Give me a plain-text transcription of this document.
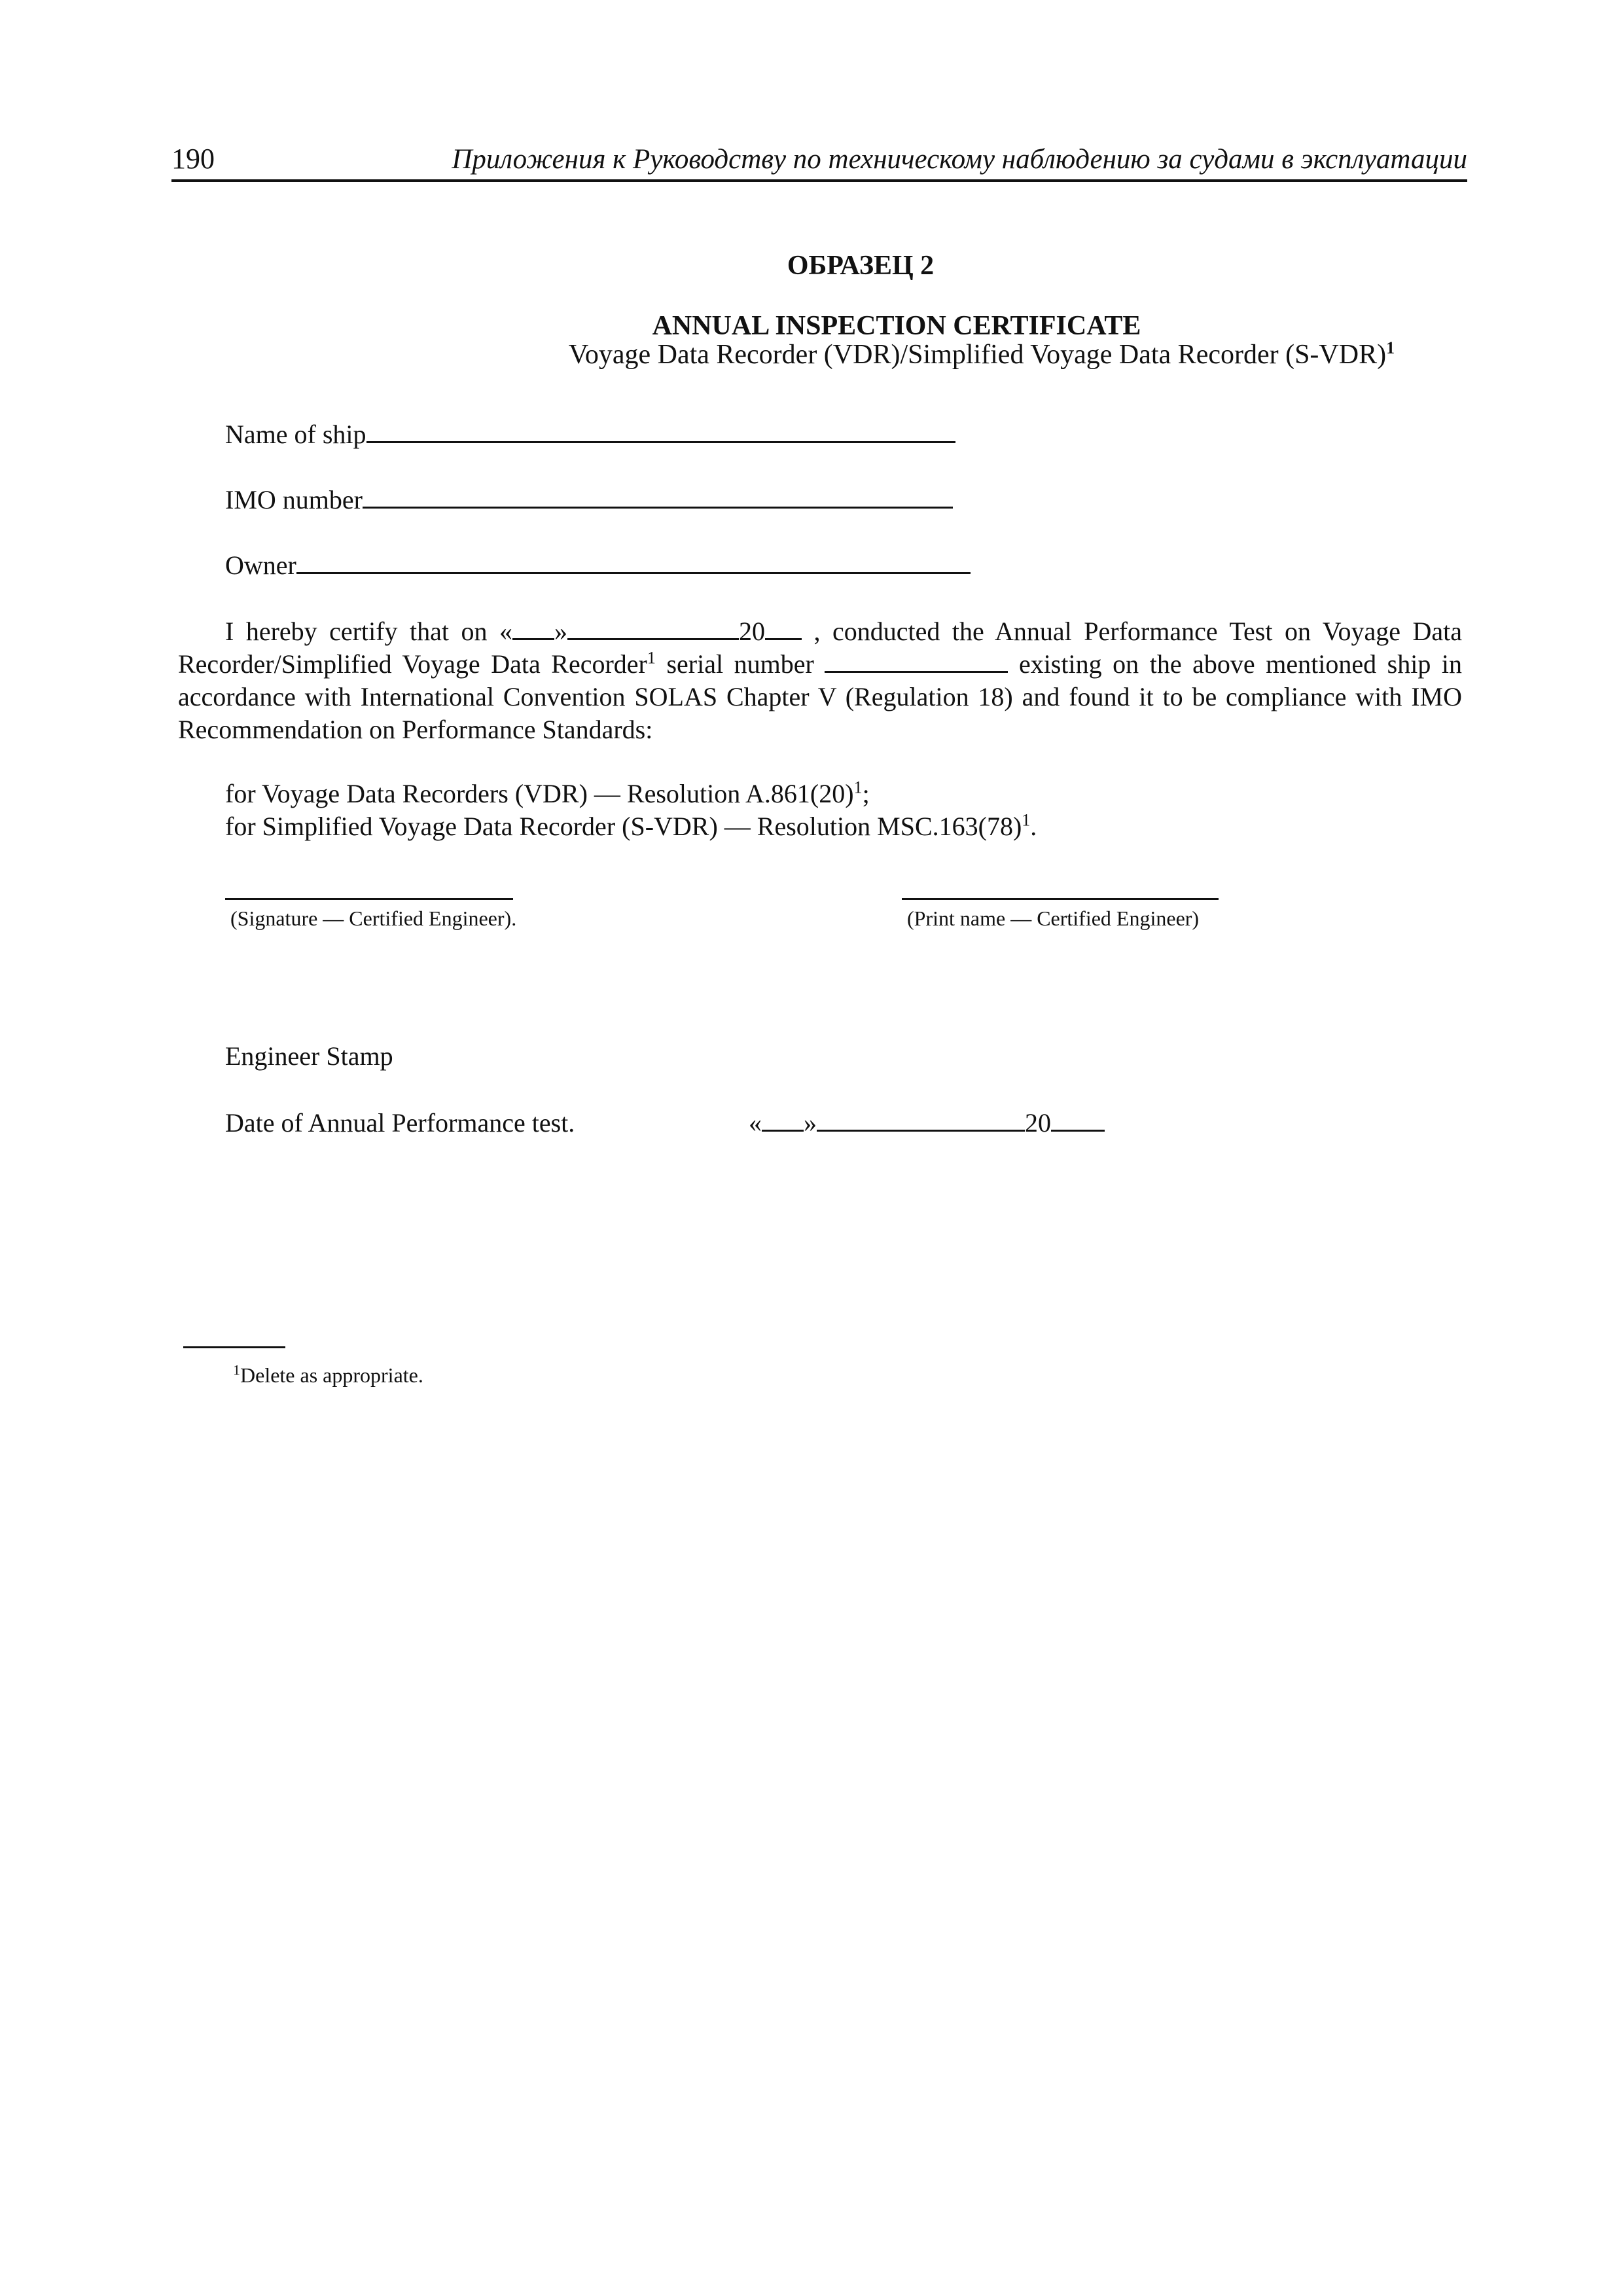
190	Приложения к Руководству по техническому наблюдению за судами в эксплуатации
ОБРАЗЕЦ 2
ANNUAL INSPECTION CERTIFICATE
Voyage Data Recorder (VDR)/Simplified Voyage Data Recorder $(S-VDR)^1$
Name of ship
IMO number
Owner
I hereby certify that on « »	20 , conducted the Annual Performance Test on Voyage Data Recorder/Simplified Voyage Data Recorder$^1$ serial number	existing on the above mentioned ship in accordance with International Convention SOLAS Chapter V (Regulation 18) and found it to be compliance with IMO Recommendation on Performance Standards:
for Voyage Data Recorders (VDR) — Resolution $A.861(20)^1$;
for Simplified Voyage Data Recorder (S-VDR) — Resolution $MSC.163(78)^1$.
(Signature — Certified Engineer).	(Print name — Certified Engineer)
Engineer Stamp
Date of Annual Performance test.	« »	20
$^1$Delete as appropriate.
